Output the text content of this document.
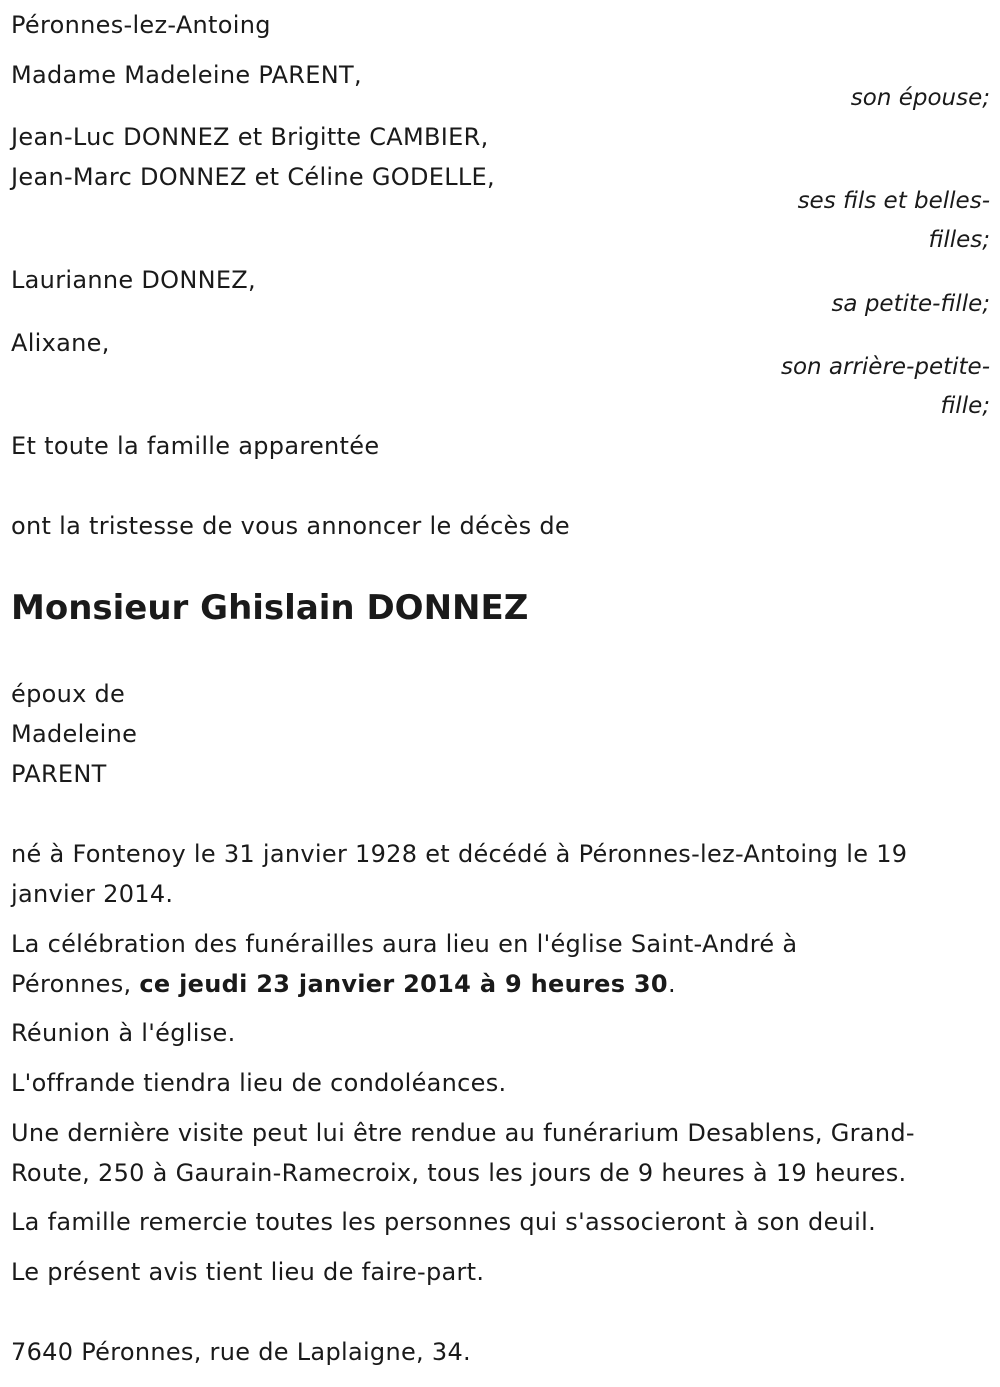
Péronnes-lez-Antoing
Madame Madeleine PARENT,
son épouse;
Jean-Luc DONNEZ et Brigitte CAMBIER,
Jean-Marc DONNEZ et Céline GODELLE,
ses fils et belles-
filles;
Laurianne DONNEZ,
sa petite-fille;
Alixane,
son arrière-petite-
fille;
Et toute la famille apparentée
ont la tristesse de vous annoncer le décès de
Monsieur Ghislain DONNEZ
époux de
Madeleine
PARENT
né à Fontenoy le 31 janvier 1928 et décédé à Péronnes-lez-Antoing le 19
janvier 2014.
La célébration des funérailles aura lieu en l'église Saint-André à
Péronnes, ce jeudi 23 janvier 2014 à 9 heures 30.
Réunion à l'église.
L'offrande tiendra lieu de condoléances.
Une dernière visite peut lui être rendue au funérarium Desablens, Grand-
Route, 250 à Gaurain-Ramecroix, tous les jours de 9 heures à 19 heures.
La famille remercie toutes les personnes qui s'associeront à son deuil.
Le présent avis tient lieu de faire-part.
7640 Péronnes, rue de Laplaigne, 34.
